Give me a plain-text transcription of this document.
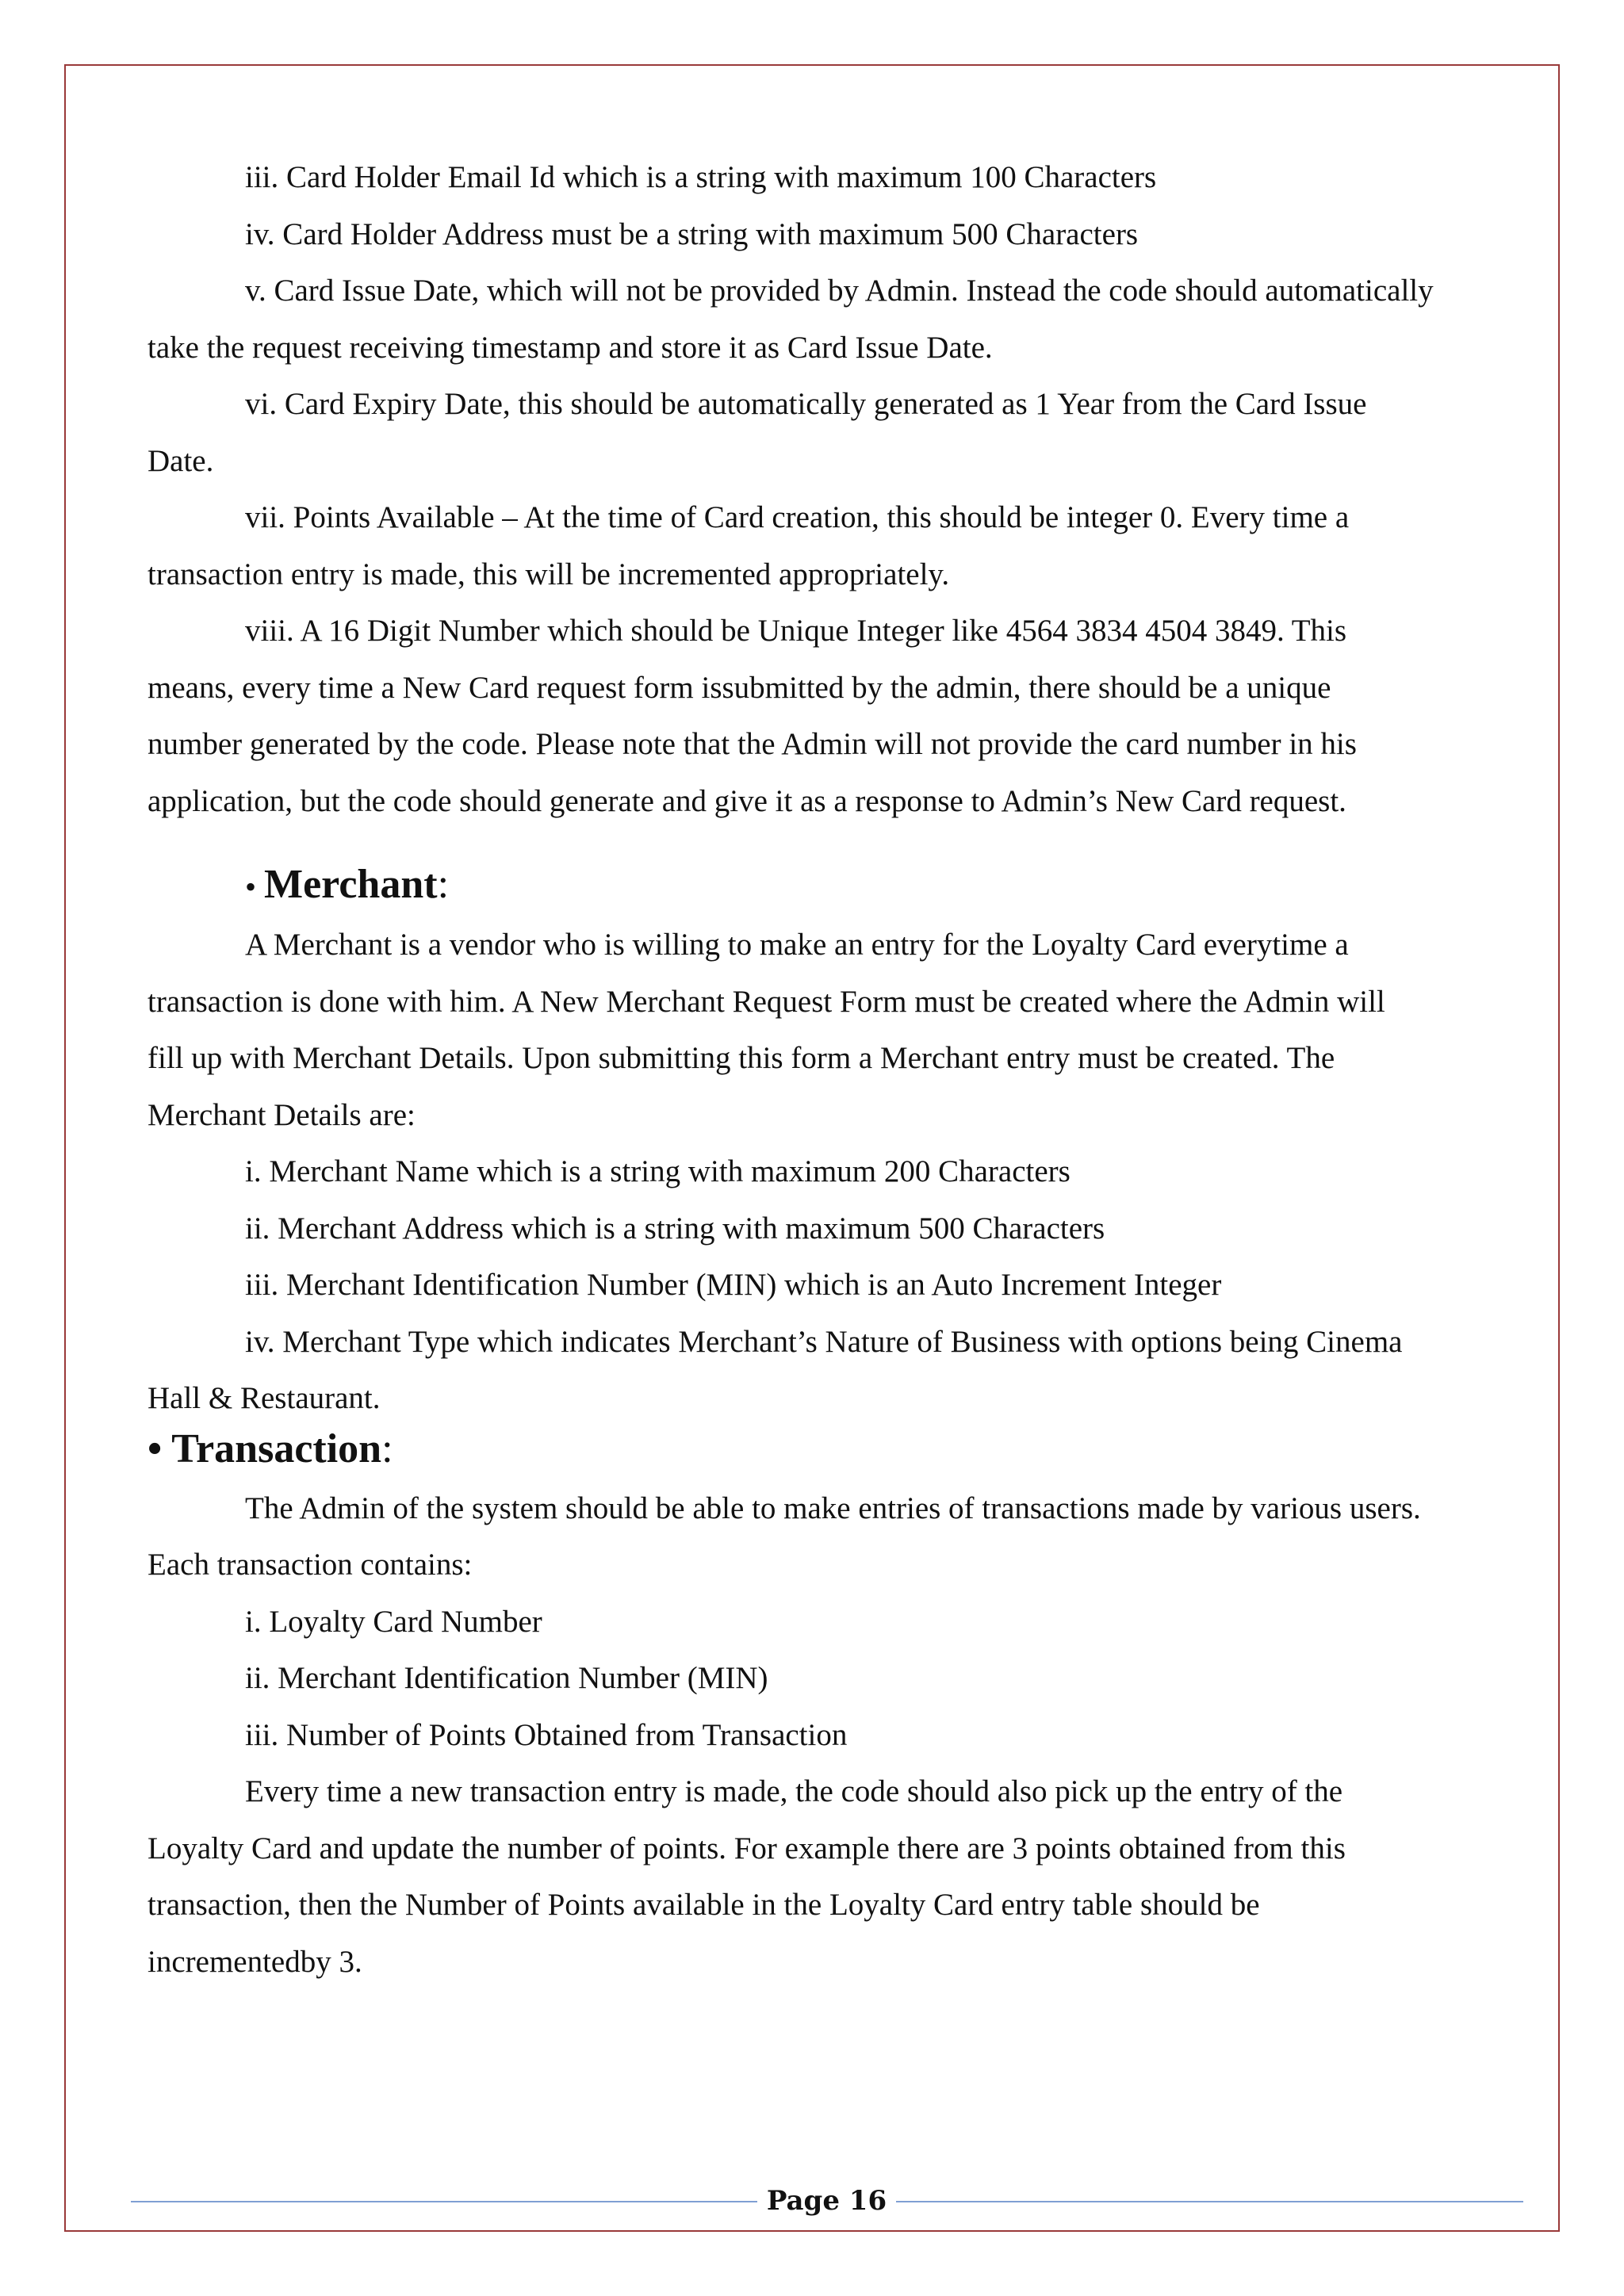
iii. Card Holder Email Id which is a string with maximum 100 Characters

iv. Card Holder Address must be a string with maximum 500 Characters

v. Card Issue Date, which will not be provided by Admin. Instead the code should automatically

take the request receiving timestamp and store it as Card Issue Date.

vi. Card Expiry Date, this should be automatically generated as 1 Year from the Card Issue

Date.

vii. Points Available – At the time of Card creation, this should be integer 0. Every time a

transaction entry is made, this will be incremented appropriately.

viii. A 16 Digit Number which should be Unique Integer like 4564 3834 4504 3849. This

means, every time a New Card request form issubmitted by the admin, there should be a unique

number generated by the code. Please note that the Admin will not provide the card number in his

application, but the code should generate and give it as a response to Admin’s New Card request.

• Merchant:

A Merchant is a vendor who is willing to make an entry for the Loyalty Card everytime a

transaction is done with him. A New Merchant Request Form must be created where the Admin will

fill up with Merchant Details. Upon submitting this form a Merchant entry must be created. The

Merchant Details are:

i. Merchant Name which is a string with maximum 200 Characters

ii. Merchant Address which is a string with maximum 500 Characters

iii. Merchant Identification Number (MIN) which is an Auto Increment Integer

iv. Merchant Type which indicates Merchant’s Nature of Business with options being Cinema

Hall & Restaurant.

• Transaction:

The Admin of the system should be able to make entries of transactions made by various users.

Each transaction contains:

i. Loyalty Card Number

ii. Merchant Identification Number (MIN)

iii. Number of Points Obtained from Transaction

Every time a new transaction entry is made, the code should also pick up the entry of the

Loyalty Card and update the number of points. For example there are 3 points obtained from this

transaction, then the Number of Points available in the Loyalty Card entry table should be

incrementedby 3.

Page 16
